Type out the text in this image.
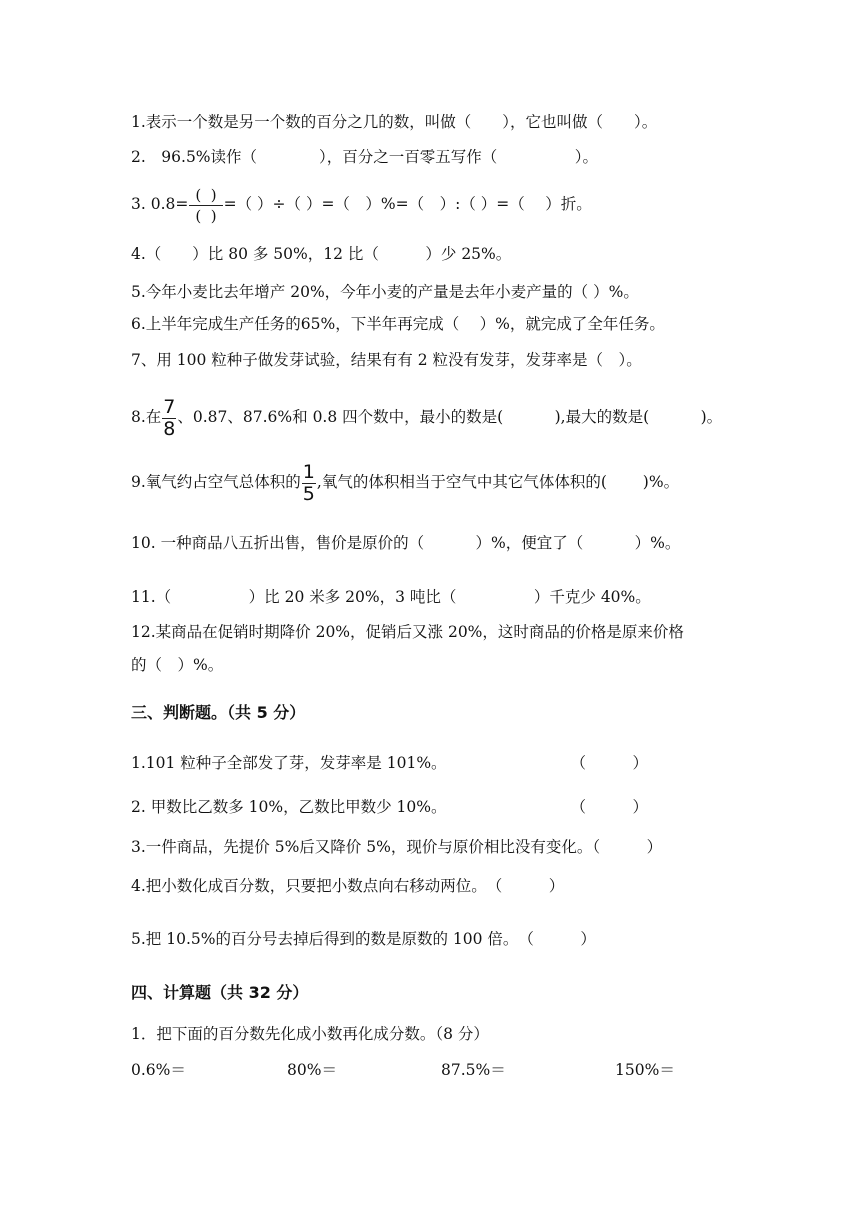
1.表示一个数是另一个数的百分之几的数，叫做（　　），它也叫做（　　）。
2.　96.5%读作（　　　　），百分之一百零五写作（　　　　　）。
3. $0.8= \frac{( )}{( )}$ =（ ）÷（ ）=（　）%=（　）:（ ）=（　 ）折。
4.（　　）比 80 多 50%，12 比（　　　）少 25%。
5.今年小麦比去年增产 20%，今年小麦的产量是去年小麦产量的（ ）%。
6.上半年完成生产任务的65%，下半年再完成（　 ）%，就完成了全年任务。
7、用 100 粒种子做发芽试验，结果有有 2 粒没有发芽，发芽率是（　）。
8.在 $\frac{7}{8}$ 、0.87、87.6%和 0.8 四个数中，最小的数是(　　　 ),最大的数是(　　　 )。
9.氧气约占空气总体积的 $\frac{1}{5}$ ,氧气的体积相当于空气中其它气体体积的(　　 )%。
10. 一种商品八五折出售，售价是原价的（　　　 ）%，便宜了（　　　 ）%。
11.（　　　　　）比 20 米多 20%，3 吨比（　　　　　）千克少 40%。
12.某商品在促销时期降价 20%，促销后又涨 20%，这时商品的价格是原来价格
的（　）%。
三、判断题。（共 5 分）
1.101 粒种子全部发了芽，发芽率是 101%。　　　　　　　　　（　　　）
2. 甲数比乙数多 10%，乙数比甲数少 10%。　　　　　　　　　（　　　）
3.一件商品，先提价 5%后又降价 5%，现价与原价相比没有变化。（　　　）
4.把小数化成百分数，只要把小数点向右移动两位。　（　　　）
5.把 10.5%的百分号去掉后得到的数是原数的 100 倍。　（　　　）
四、计算题（共 32 分）
1．把下面的百分数先化成小数再化成分数。（8 分）
0.6%＝	80%＝	87.5%＝	150%＝
